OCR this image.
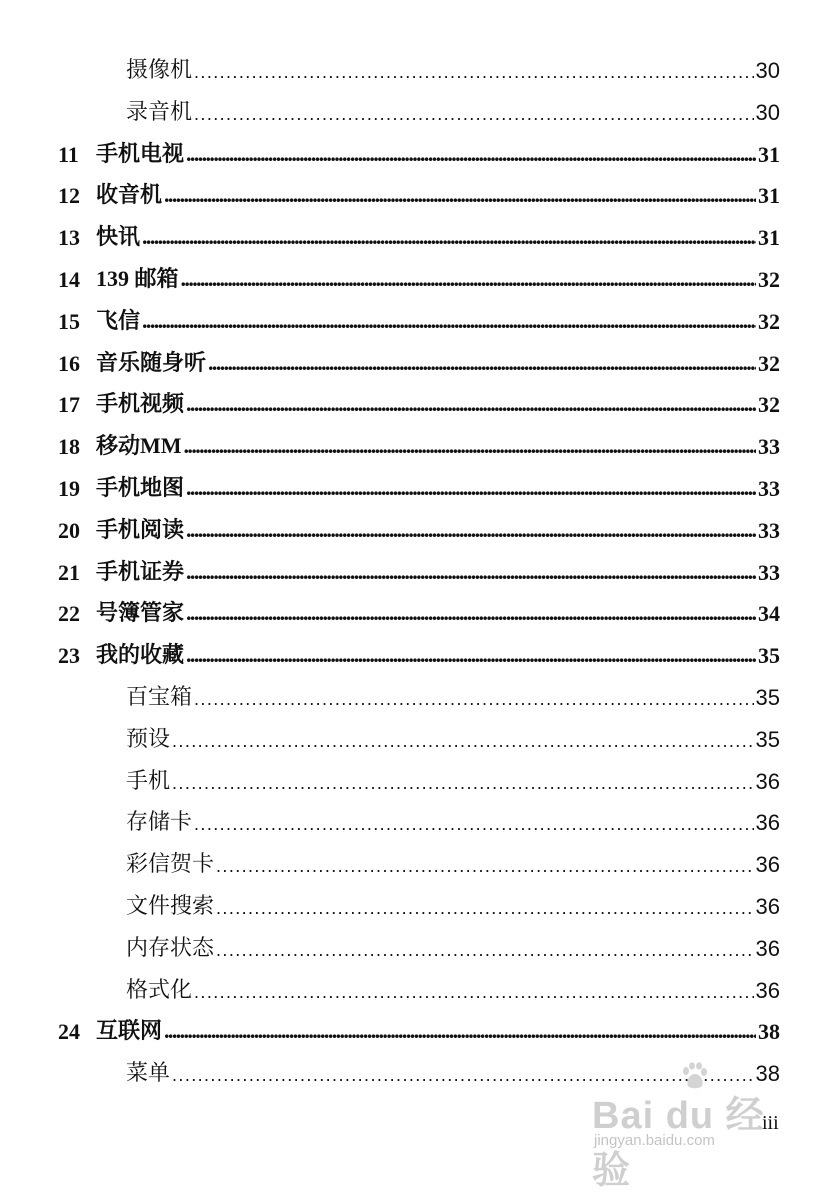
摄像机 .....	30
录音机 .....	30
11 手机电视 .....	31
12 收音机 .....	31
13 快讯 .....	31
14 139 邮箱 .....	32
15 飞信 .....	32
16 音乐随身听 .....	32
17 手机视频 .....	32
18 移动MM .....	33
19 手机地图 .....	33
20 手机阅读 .....	33
21 手机证券 .....	33
22 号簿管家 .....	34
23 我的收藏 .....	35
百宝箱 .....	35
预设 .....	35
手机 .....	36
存储卡 .....	36
彩信贺卡 .....	36
文件搜索 .....	36
内存状态 .....	36
格式化 .....	36
24 互联网 .....	38
菜单 .....	38
iii
Bai du 经验
jingyan.baidu.com
